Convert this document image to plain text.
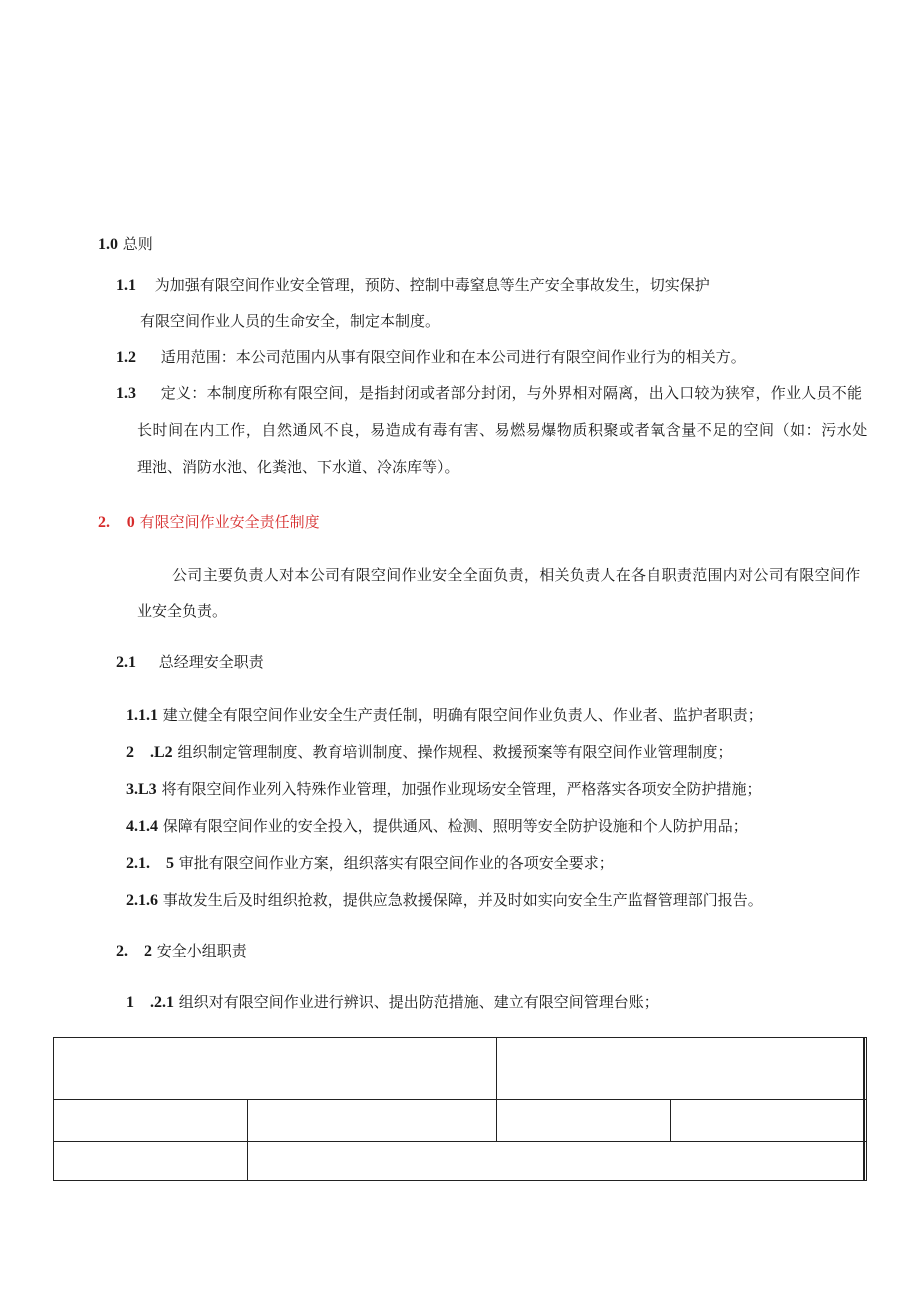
1.0 总则
1.1 为加强有限空间作业安全管理，预防、控制中毒窒息等生产安全事故发生，切实保护
有限空间作业人员的生命安全，制定本制度。
1.2 适用范围：本公司范围内从事有限空间作业和在本公司进行有限空间作业行为的相关方。
1.3 定义：本制度所称有限空间，是指封闭或者部分封闭，与外界相对隔离，出入口较为狭窄，作业人员不能
长时间在内工作，自然通风不良，易造成有毒有害、易燃易爆物质积聚或者氧含量不足的空间（如：污水处
理池、消防水池、化粪池、下水道、冷冻库等）。
2. 0 有限空间作业安全责任制度
公司主要负责人对本公司有限空间作业安全全面负责，相关负责人在各自职责范围内对公司有限空间作
业安全负责。
2.1 总经理安全职责
1.1.1 建立健全有限空间作业安全生产责任制，明确有限空间作业负责人、作业者、监护者职责；
2　.L2 组织制定管理制度、教育培训制度、操作规程、救援预案等有限空间作业管理制度；
3.L3 将有限空间作业列入特殊作业管理，加强作业现场安全管理，严格落实各项安全防护措施；
4.1.4 保障有限空间作业的安全投入，提供通风、检测、照明等安全防护设施和个人防护用品；
2.1.　5 审批有限空间作业方案，组织落实有限空间作业的各项安全要求；
2.1.6 事故发生后及时组织抢救，提供应急救援保障，并及时如实向安全生产监督管理部门报告。
2.　2 安全小组职责
1　.2.1 组织对有限空间作业进行辨识、提出防范措施、建立有限空间管理台账；
